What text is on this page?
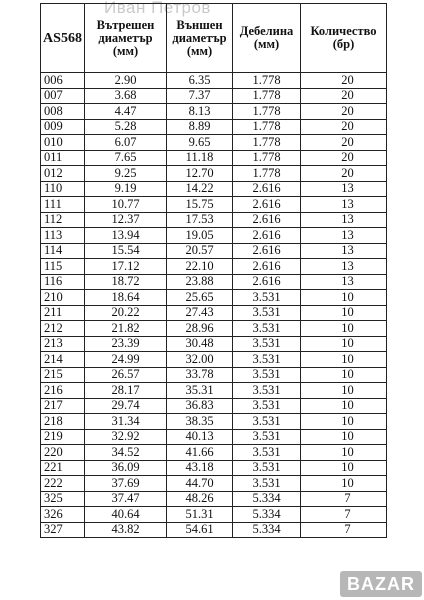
Иван Петров
AS568	Вътрешен диаметър (мм)	Външен диаметър (мм)	Дебелина (мм)	Количество (бр)
006	2.90	6.35	1.778	20
007	3.68	7.37	1.778	20
008	4.47	8.13	1.778	20
009	5.28	8.89	1.778	20
010	6.07	9.65	1.778	20
011	7.65	11.18	1.778	20
012	9.25	12.70	1.778	20
110	9.19	14.22	2.616	13
111	10.77	15.75	2.616	13
112	12.37	17.53	2.616	13
113	13.94	19.05	2.616	13
114	15.54	20.57	2.616	13
115	17.12	22.10	2.616	13
116	18.72	23.88	2.616	13
210	18.64	25.65	3.531	10
211	20.22	27.43	3.531	10
212	21.82	28.96	3.531	10
213	23.39	30.48	3.531	10
214	24.99	32.00	3.531	10
215	26.57	33.78	3.531	10
216	28.17	35.31	3.531	10
217	29.74	36.83	3.531	10
218	31.34	38.35	3.531	10
219	32.92	40.13	3.531	10
220	34.52	41.66	3.531	10
221	36.09	43.18	3.531	10
222	37.69	44.70	3.531	10
325	37.47	48.26	5.334	7
326	40.64	51.31	5.334	7
327	43.82	54.61	5.334	7
BAZAR
